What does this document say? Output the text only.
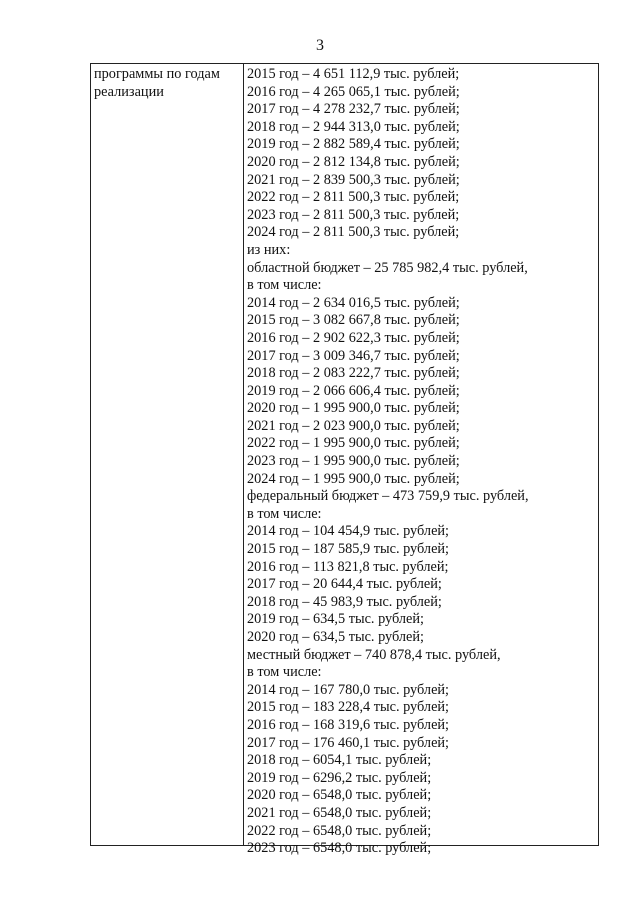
3
программы по годам
реализации
2015 год – 4 651 112,9 тыс. рублей;
2016 год – 4 265 065,1 тыс. рублей;
2017 год – 4 278 232,7 тыс. рублей;
2018 год – 2 944 313,0 тыс. рублей;
2019 год – 2 882 589,4 тыс. рублей;
2020 год – 2 812 134,8 тыс. рублей;
2021 год – 2 839 500,3 тыс. рублей;
2022 год – 2 811 500,3 тыс. рублей;
2023 год – 2 811 500,3 тыс. рублей;
2024 год – 2 811 500,3 тыс. рублей;
из них:
областной бюджет – 25 785 982,4 тыс. рублей,
в том числе:
2014 год – 2 634 016,5 тыс. рублей;
2015 год – 3 082 667,8 тыс. рублей;
2016 год – 2 902 622,3 тыс. рублей;
2017 год – 3 009 346,7 тыс. рублей;
2018 год – 2 083 222,7 тыс. рублей;
2019 год – 2 066 606,4 тыс. рублей;
2020 год – 1 995 900,0 тыс. рублей;
2021 год – 2 023 900,0 тыс. рублей;
2022 год – 1 995 900,0 тыс. рублей;
2023 год – 1 995 900,0 тыс. рублей;
2024 год – 1 995 900,0 тыс. рублей;
федеральный бюджет – 473 759,9 тыс. рублей,
в том числе:
2014 год – 104 454,9 тыс. рублей;
2015 год – 187 585,9 тыс. рублей;
2016 год – 113 821,8 тыс. рублей;
2017 год – 20 644,4 тыс. рублей;
2018 год – 45 983,9 тыс. рублей;
2019 год – 634,5 тыс. рублей;
2020 год – 634,5 тыс. рублей;
местный бюджет – 740 878,4 тыс. рублей,
в том числе:
2014 год – 167 780,0 тыс. рублей;
2015 год – 183 228,4 тыс. рублей;
2016 год – 168 319,6 тыс. рублей;
2017 год – 176 460,1 тыс. рублей;
2018 год – 6054,1 тыс. рублей;
2019 год – 6296,2 тыс. рублей;
2020 год – 6548,0 тыс. рублей;
2021 год – 6548,0 тыс. рублей;
2022 год – 6548,0 тыс. рублей;
2023 год – 6548,0 тыс. рублей;
